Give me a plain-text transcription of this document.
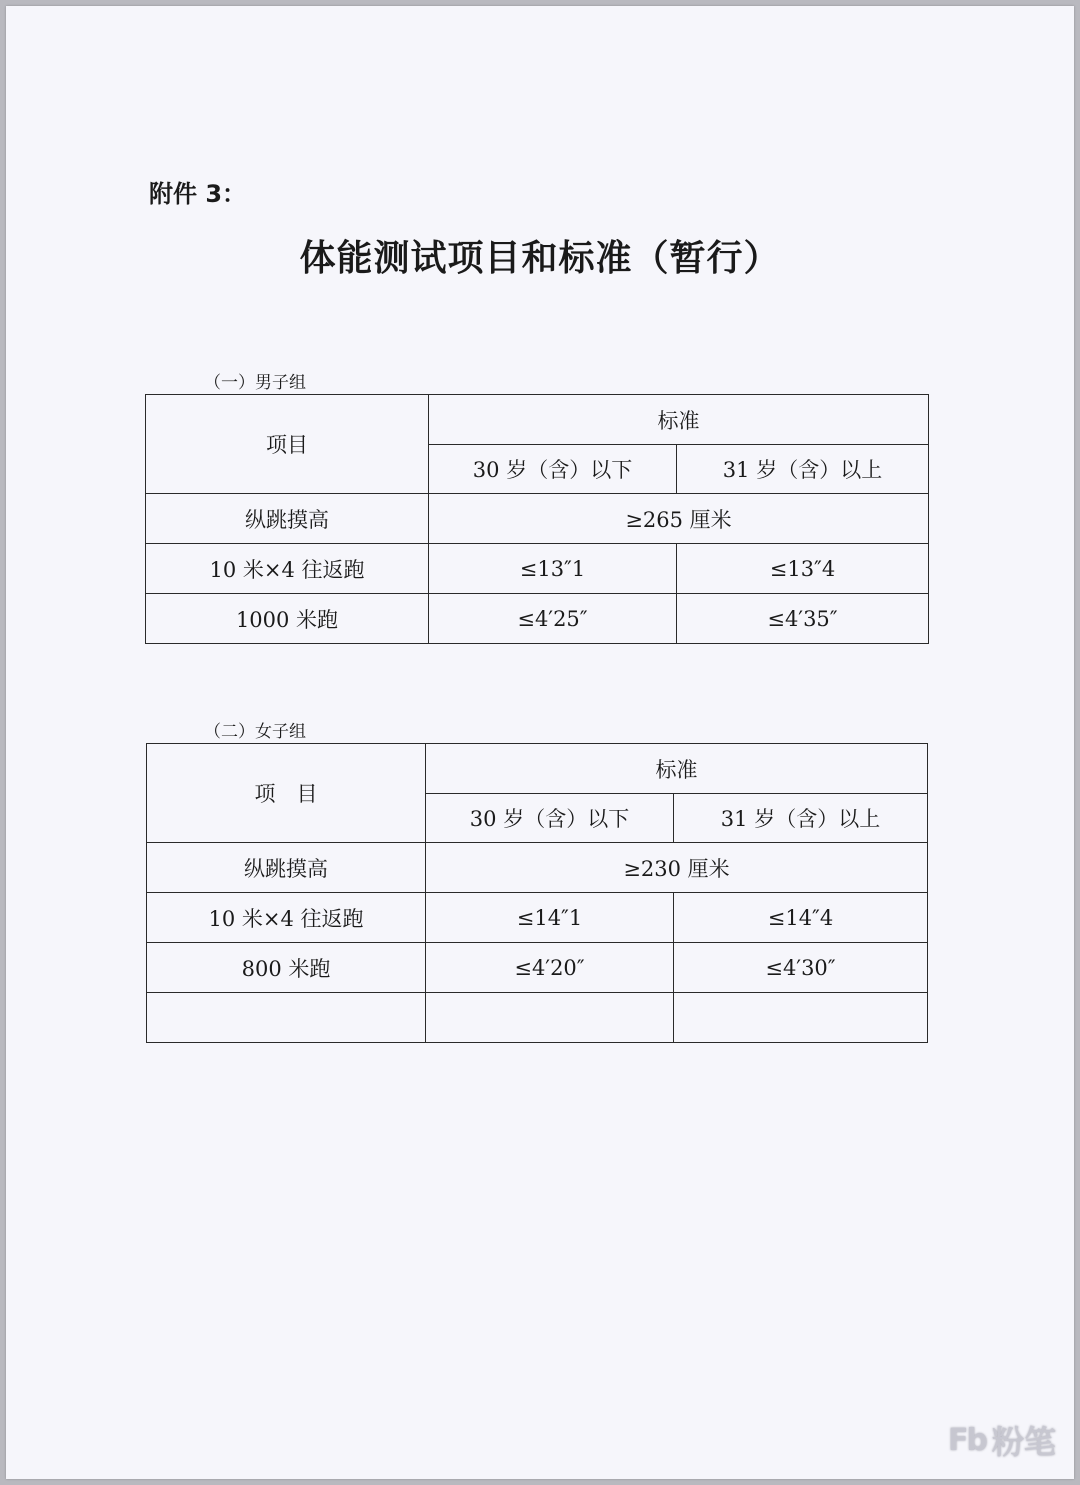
附件 3：
体能测试项目和标准（暂行）
（一）男子组
项目	标准	
	30 岁（含）以下	31 岁（含）以上
纵跳摸高	≥265 厘米	
10 米×4 往返跑	≤13″1	≤13″4
1000 米跑	≤4′25″	≤4′35″
（二）女子组
项　目	标准	
	30 岁（含）以下	31 岁（含）以上
纵跳摸高	≥230 厘米	
10 米×4 往返跑	≤14″1	≤14″4
800 米跑	≤4′20″	≤4′30″

Fb 粉笔
